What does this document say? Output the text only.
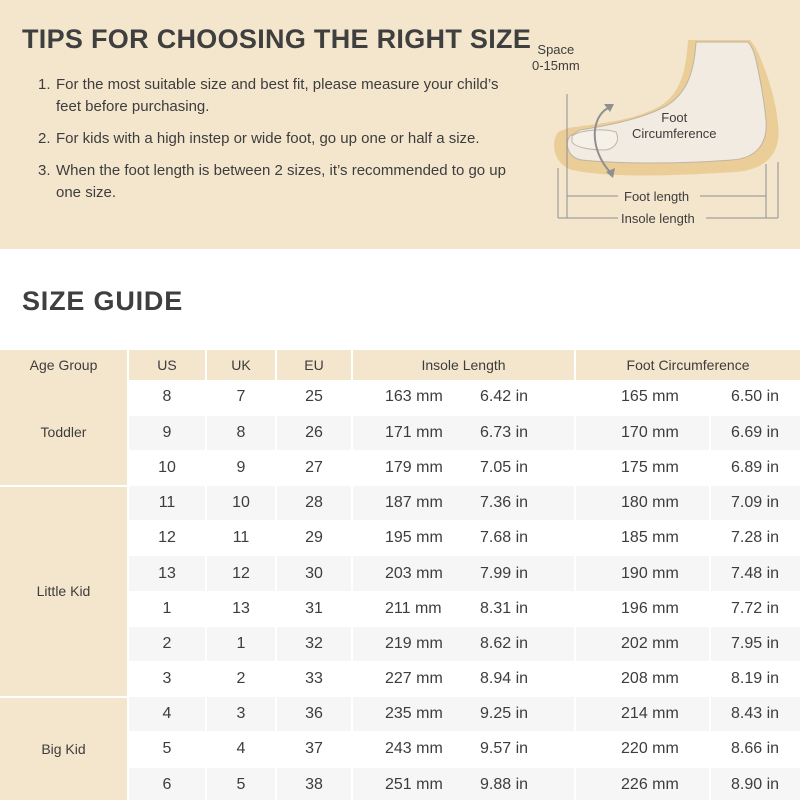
TIPS FOR CHOOSING THE RIGHT SIZE
1. For the most suitable size and best fit, please measure your child’s feet before purchasing.
2. For kids with a high instep or wide foot, go up one or half a size.
3. When the foot length is between 2 sizes, it’s recommended to go up one size.
Space
0-15mm
Foot
Circumference
Foot length
Insole length
SIZE GUIDE
Age Group	US	UK	EU	Insole Length		Foot Circumference	
Toddler	8	7	25	163 mm	6.42 in	165 mm	6.50 in
	9	8	26	171 mm	6.73 in	170 mm	6.69 in
	10	9	27	179 mm	7.05 in	175 mm	6.89 in
Little Kid	11	10	28	187 mm	7.36 in	180 mm	7.09 in
	12	11	29	195 mm	7.68 in	185 mm	7.28 in
	13	12	30	203 mm	7.99 in	190 mm	7.48 in
	1	13	31	211 mm	8.31 in	196 mm	7.72 in
	2	1	32	219 mm	8.62 in	202 mm	7.95 in
	3	2	33	227 mm	8.94 in	208 mm	8.19 in
Big Kid	4	3	36	235 mm	9.25 in	214 mm	8.43 in
	5	4	37	243 mm	9.57 in	220 mm	8.66 in
	6	5	38	251 mm	9.88 in	226 mm	8.90 in
